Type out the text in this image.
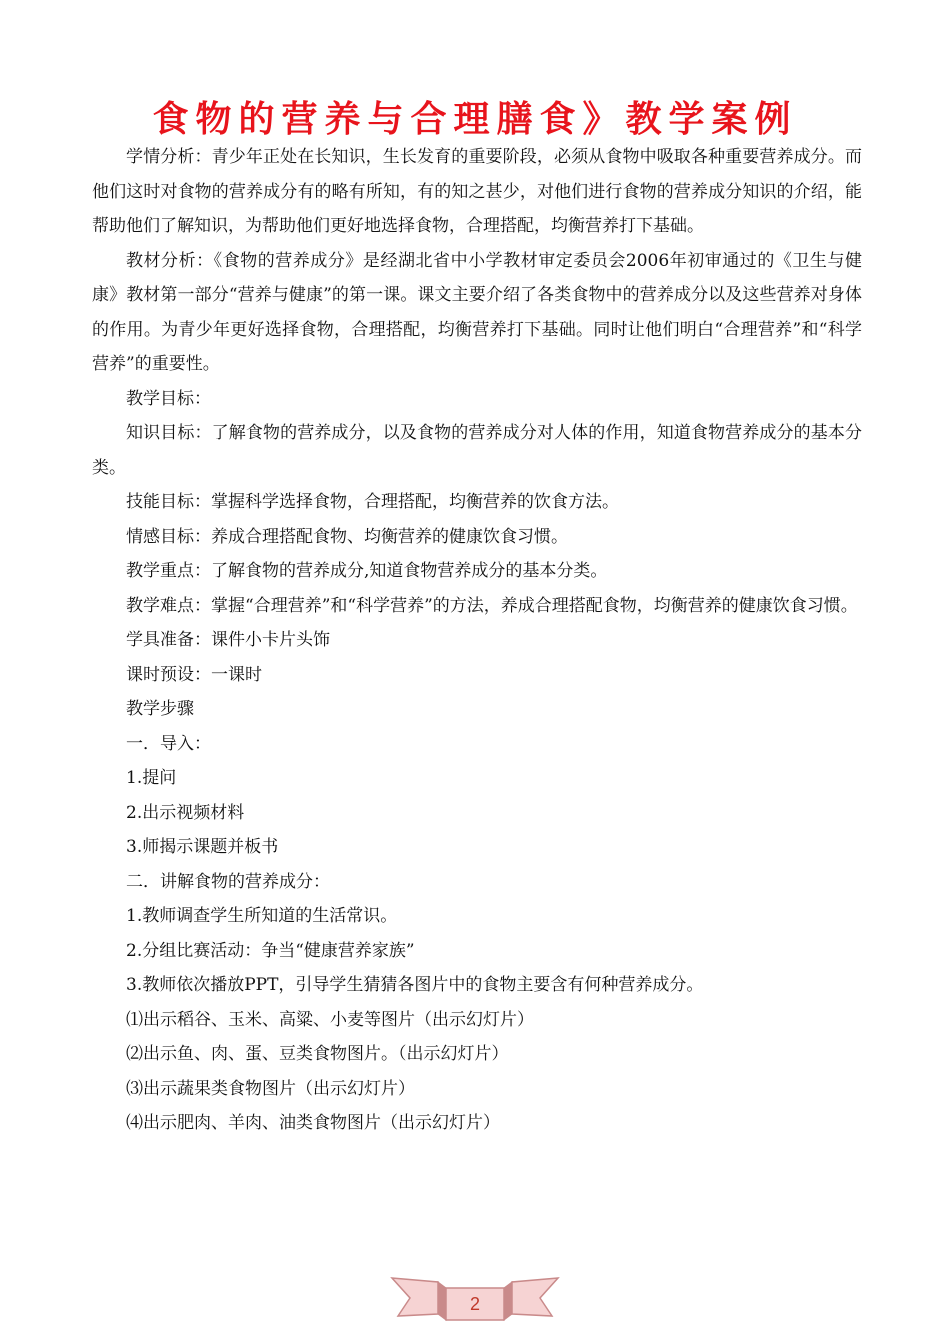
食物的营养与合理膳食》教学案例

学情分析：青少年正处在长知识，生长发育的重要阶段，必须从食物中吸取各种重要营养成分。而他们这时对食物的营养成分有的略有所知，有的知之甚少，对他们进行食物的营养成分知识的介绍，能帮助他们了解知识，为帮助他们更好地选择食物，合理搭配，均衡营养打下基础。

教材分析：《食物的营养成分》是经湖北省中小学教材审定委员会2006年初审通过的《卫生与健康》教材第一部分“营养与健康”的第一课。课文主要介绍了各类食物中的营养成分以及这些营养对身体的作用。为青少年更好选择食物，合理搭配，均衡营养打下基础。同时让他们明白“合理营养”和“科学营养”的重要性。

教学目标：

知识目标：了解食物的营养成分，以及食物的营养成分对人体的作用，知道食物营养成分的基本分类。

技能目标：掌握科学选择食物，合理搭配，均衡营养的饮食方法。

情感目标：养成合理搭配食物、均衡营养的健康饮食习惯。

教学重点：了解食物的营养成分,知道食物营养成分的基本分类。

教学难点：掌握“合理营养”和“科学营养”的方法，养成合理搭配食物，均衡营养的健康饮食习惯。

学具准备：课件小卡片头饰

课时预设：一课时

教学步骤

一．导入：

1.提问

2.出示视频材料

3.师揭示课题并板书

二．讲解食物的营养成分：

1.教师调查学生所知道的生活常识。

2.分组比赛活动：争当“健康营养家族”

3.教师依次播放PPT，引导学生猜猜各图片中的食物主要含有何种营养成分。

⑴出示稻谷、玉米、高粱、小麦等图片（出示幻灯片）

⑵出示鱼、肉、蛋、豆类食物图片。（出示幻灯片）

⑶出示蔬果类食物图片（出示幻灯片）

⑷出示肥肉、羊肉、油类食物图片（出示幻灯片）

2
